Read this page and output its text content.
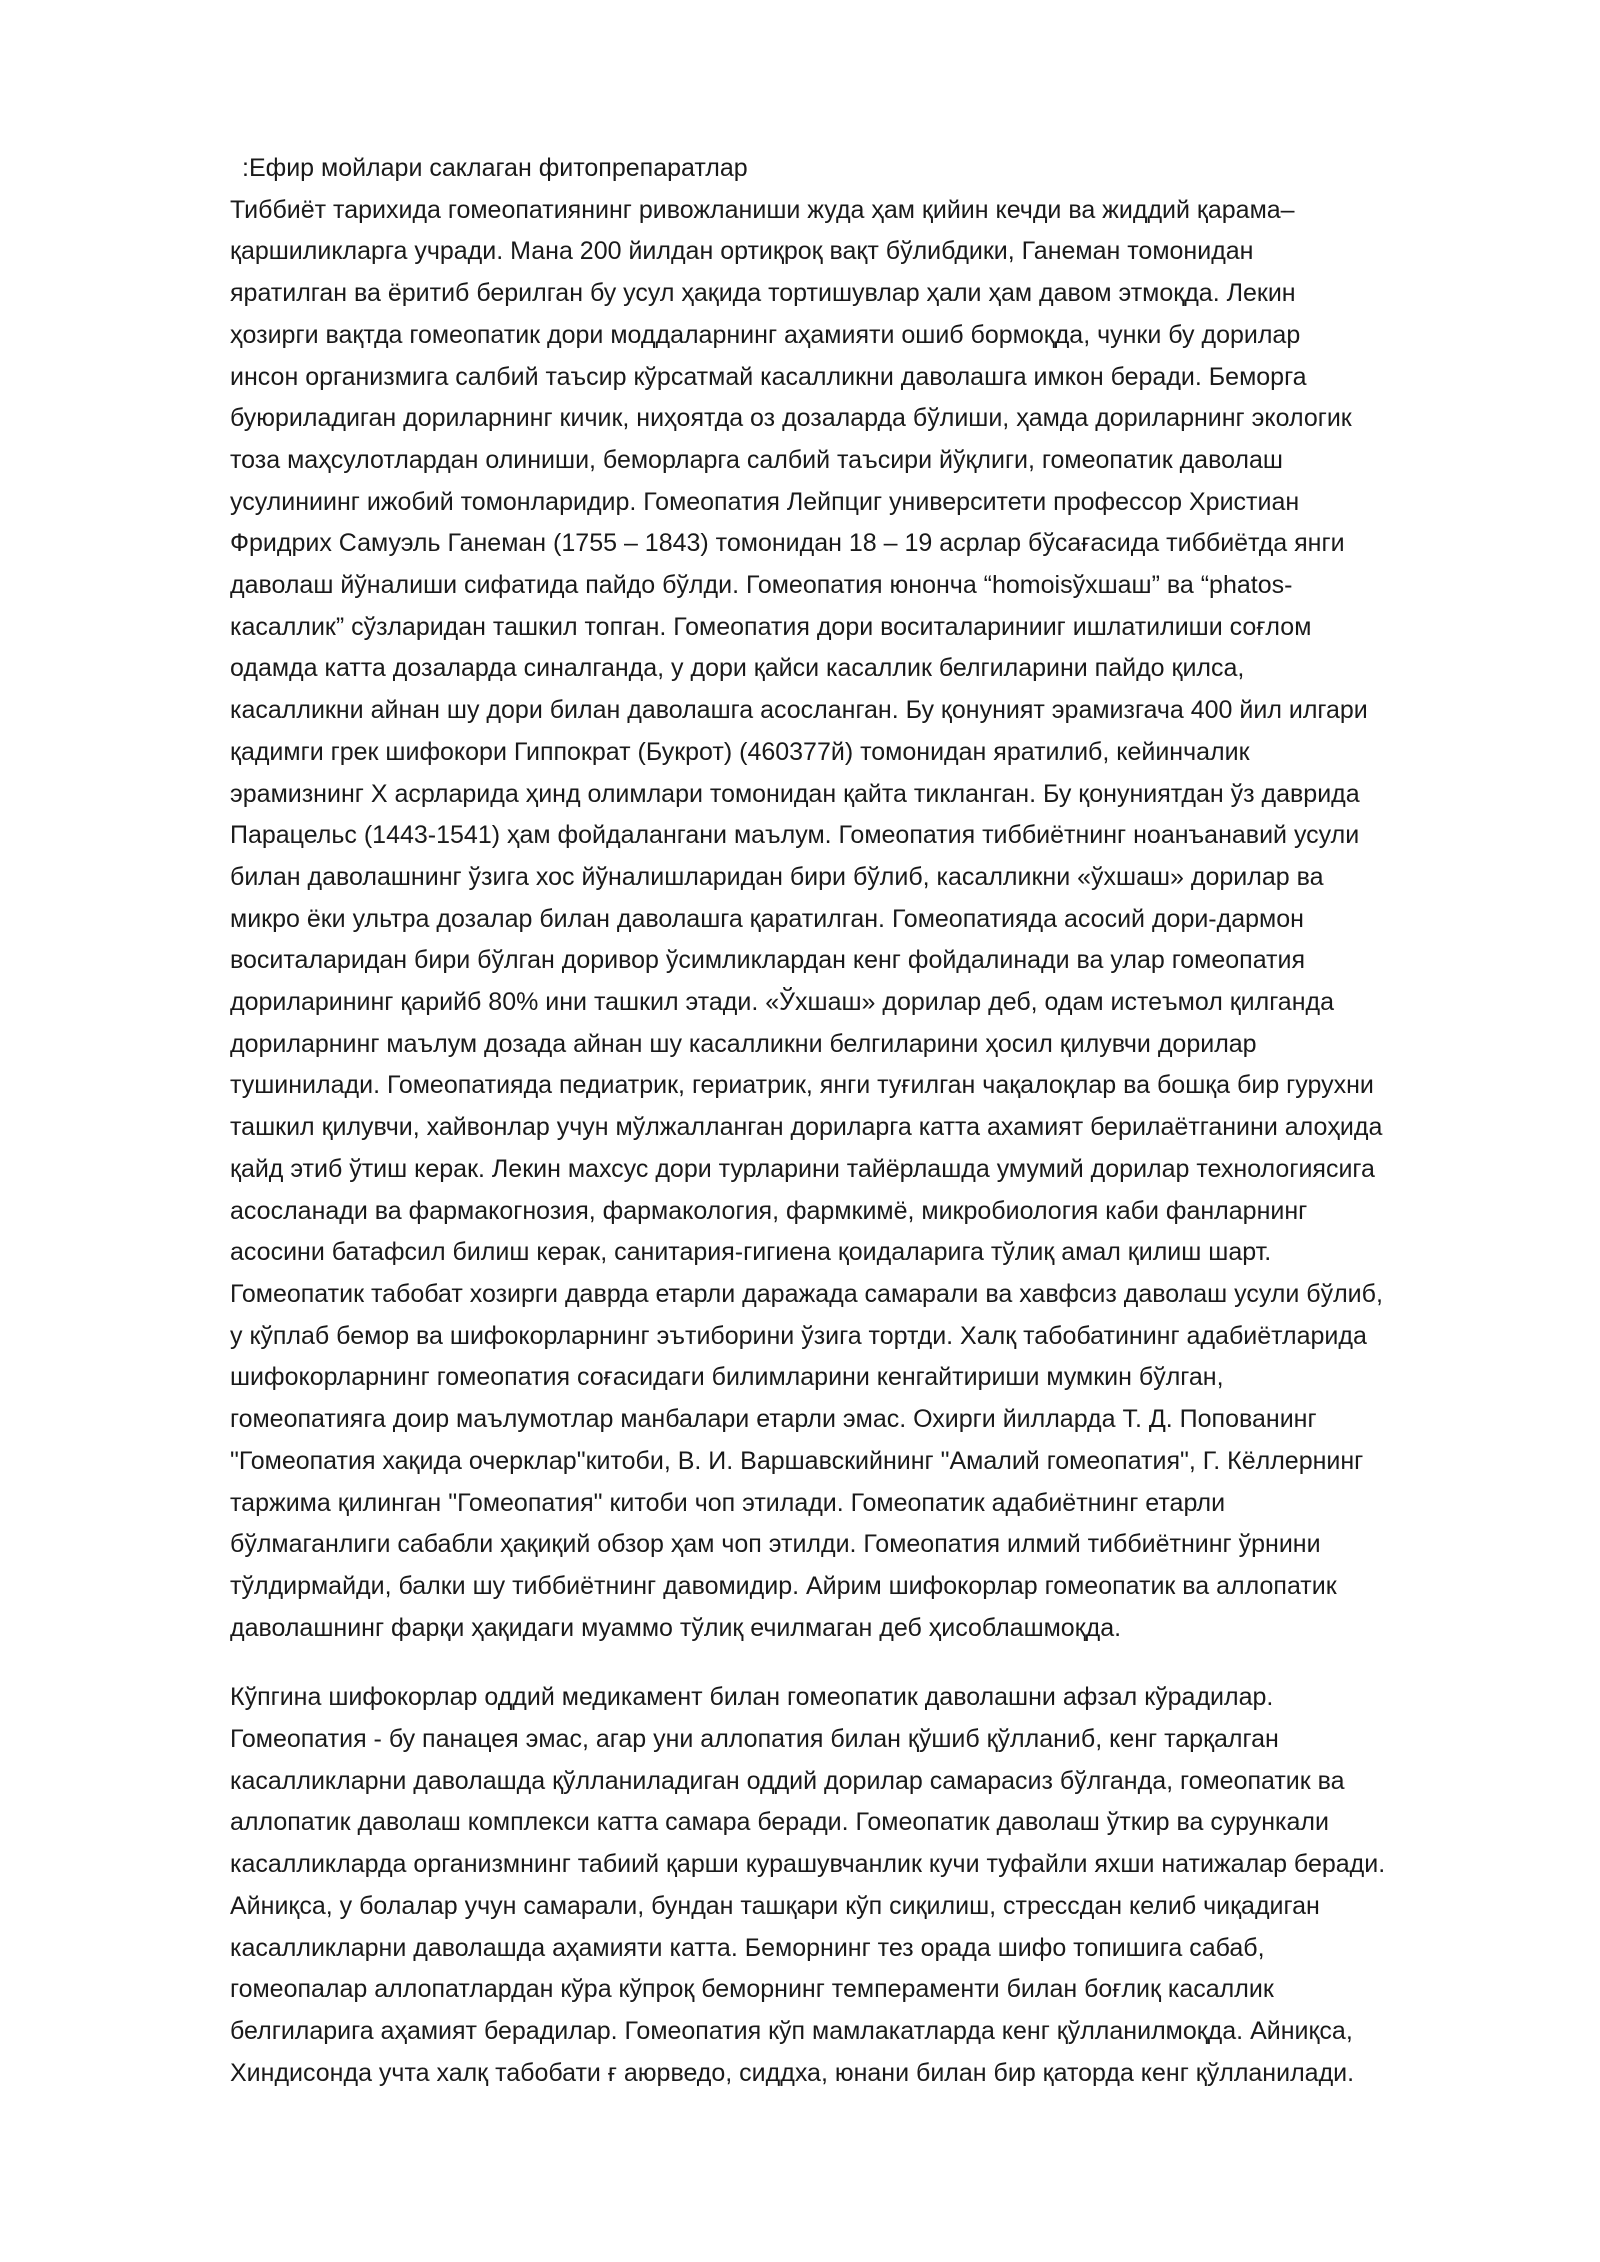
:Ефир мойлари саклаган фитопрепаратлар

Тиббиёт тарихида гомеопатиянинг ривожланиши жуда ҳам қийин кечди ва жиддий қарама–
қаршиликларга учради. Мана 200 йилдан ортиқроқ вақт бўлибдики, Ганеман томонидан
яратилган ва ёритиб берилган бу усул ҳақида тортишувлар ҳали ҳам давом этмоқда. Лекин
ҳозирги вақтда гомеопатик дори моддаларнинг аҳамияти ошиб бормоқда, чунки бу дорилар
инсон организмига салбий таъсир кўрсатмай касалликни даволашга имкон беради. Беморга
буюриладиган дориларнинг кичик, ниҳоятда оз дозаларда бўлиши, ҳамда дориларнинг экологик
тоза маҳсулотлардан олиниши, беморларга салбий таъсири йўқлиги, гомеопатик даволаш
усулиниинг ижобий томонларидир. Гомеопатия Лейпциг университети профессор Христиан
Фридрих Самуэль Ганеман (1755 – 1843) томонидан 18 – 19 асрлар бўсағасида тиббиётда янги
даволаш йўналиши сифатида пайдо бўлди. Гомеопатия юнонча “homoisўхшаш” ва “phatos-
касаллик” сўзларидан ташкил топган. Гомеопатия дори воситаларинииг ишлатилиши соғлом
одамда катта дозаларда синалганда, у дори қайси касаллик белгиларини пайдо қилса,
касалликни айнан шу дори билан даволашга асосланган. Бу қонуният эрамизгача 400 йил илгари
қадимги грек шифокори Гиппократ (Букрот) (460377й) томонидан яратилиб, кейинчалик
эрамизнинг X асрларида ҳинд олимлари томонидан қайта тикланган. Бу қонуниятдан ўз даврида
Парацельс (1443-1541) ҳам фойдалангани маълум. Гомеопатия тиббиётнинг ноанъанавий усули
билан даволашнинг ўзига хос йўналишларидан бири бўлиб, касалликни «ўхшаш» дорилар ва
микро ёки ультра дозалар билан даволашга қаратилган. Гомеопатияда асосий дори-дармон
воситаларидан бири бўлган доривор ўсимликлардан кенг фойдалинади ва улар гомеопатия
дориларининг қарийб 80% ини ташкил этади. «Ўхшаш» дорилар деб, одам истеъмол қилганда
дориларнинг маълум дозада айнан шу касалликни белгиларини ҳосил қилувчи дорилар
тушинилади. Гомеопатияда педиатрик, гериатрик, янги туғилган чақалоқлар ва бошқа бир гурухни
ташкил қилувчи, хайвонлар учун мўлжалланган дориларга катта ахамият берилаётганини алоҳида
қайд этиб ўтиш керак. Лекин махсус дори турларини тайёрлашда умумий дорилар технологиясига
асосланади ва фармакогнозия, фармакология, фармкимё, микробиология каби фанларнинг
асосини батафсил билиш керак, санитария-гигиена қоидаларига тўлиқ амал қилиш шарт.
Гомеопатик табобат хозирги даврда етарли даражада самарали ва хавфсиз даволаш усули бўлиб,
у кўплаб бемор ва шифокорларнинг эътиборини ўзига тортди. Халқ табобатининг адабиётларида
шифокорларнинг гомеопатия соғасидаги билимларини кенгайтириши мумкин бўлган,
гомеопатияга доир маълумотлар манбалари етарли эмас. Охирги йилларда Т. Д. Попованинг
"Гомеопатия хақида очерклар"китоби, В. И. Варшавскийнинг "Амалий гомеопатия", Г. Кёллернинг
таржима қилинган "Гомеопатия" китоби чоп этилади. Гомеопатик адабиётнинг етарли
бўлмаганлиги сабабли ҳақиқий обзор ҳам чоп этилди. Гомеопатия илмий тиббиётнинг ўрнини
тўлдирмайди, балки шу тиббиётнинг давомидир. Айрим шифокорлар гомеопатик ва аллопатик
даволашнинг фарқи ҳақидаги муаммо тўлиқ ечилмаган деб ҳисоблашмоқда.

Кўпгина шифокорлар оддий медикамент билан гомеопатик даволашни афзал кўрадилар.
Гомеопатия - бу панацея эмас, агар уни аллопатия билан қўшиб қўлланиб, кенг тарқалган
касалликларни даволашда қўлланиладиган оддий дорилар самарасиз бўлганда, гомеопатик ва
аллопатик даволаш комплекси катта самара беради. Гомеопатик даволаш ўткир ва сурункали
касалликларда организмнинг табиий қарши курашувчанлик кучи туфайли яхши натижалар беради.
Айниқса, у болалар учун самарали, бундан ташқари кўп сиқилиш, стрессдан келиб чиқадиган
касалликларни даволашда аҳамияти катта. Беморнинг тез орада шифо топишига сабаб,
гомеопалар аллопатлардан кўра кўпроқ беморнинг темпераменти билан боғлиқ касаллик
белгиларига аҳамият берадилар. Гомеопатия кўп мамлакатларда кенг қўлланилмоқда. Айниқса,
Хиндисонда учта халқ табобати ғ аюрведо, сиддха, юнани билан бир қаторда кенг қўлланилади.
